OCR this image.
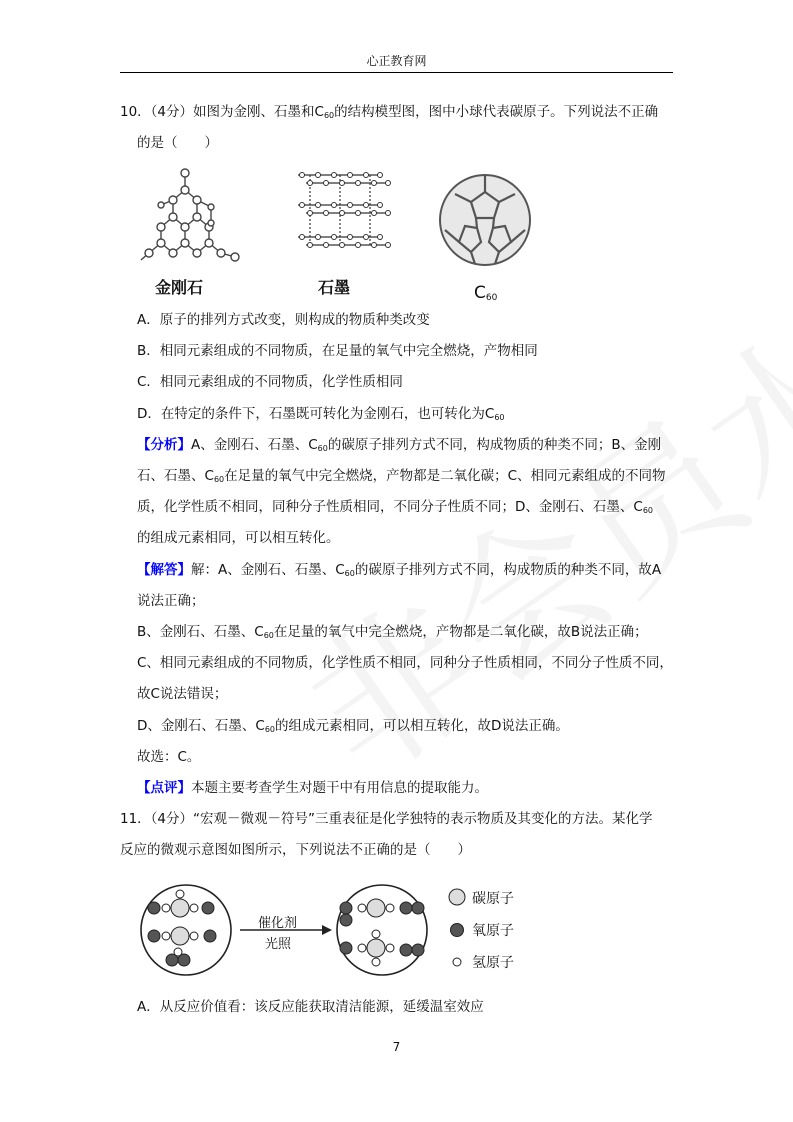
心正教育网
10．（4分）如图为金刚、石墨和$C_{60}$的结构模型图，图中小球代表碳原子。下列说法不正确
的是（　　）
金刚石	石墨	$C_{60}$
A．原子的排列方式改变，则构成的物质种类改变
B．相同元素组成的不同物质，在足量的氧气中完全燃烧，产物相同
C．相同元素组成的不同物质，化学性质相同
D．在特定的条件下，石墨既可转化为金刚石，也可转化为$C_{60}$
【分析】A、金刚石、石墨、$C_{60}$的碳原子排列方式不同，构成物质的种类不同；B、金刚
石、石墨、$C_{60}$在足量的氧气中完全燃烧，产物都是二氧化碳；C、相同元素组成的不同物
质，化学性质不相同，同种分子性质相同，不同分子性质不同；D、金刚石、石墨、$C_{60}$
的组成元素相同，可以相互转化。
【解答】解：A、金刚石、石墨、$C_{60}$的碳原子排列方式不同，构成物质的种类不同，故A
说法正确；
B、金刚石、石墨、$C_{60}$在足量的氧气中完全燃烧，产物都是二氧化碳，故B说法正确；
C、相同元素组成的不同物质，化学性质不相同，同种分子性质相同，不同分子性质不同，
故C说法错误；
D、金刚石、石墨、$C_{60}$的组成元素相同，可以相互转化，故D说法正确。
故选：C。
【点评】本题主要考查学生对题干中有用信息的提取能力。
11．（4分）“宏观－微观－符号”三重表征是化学独特的表示物质及其变化的方法。某化学
反应的微观示意图如图所示，下列说法不正确的是（　　）
催化剂
光照
碳原子
氧原子
氢原子
A．从反应价值看：该反应能获取清洁能源，延缓温室效应
7
